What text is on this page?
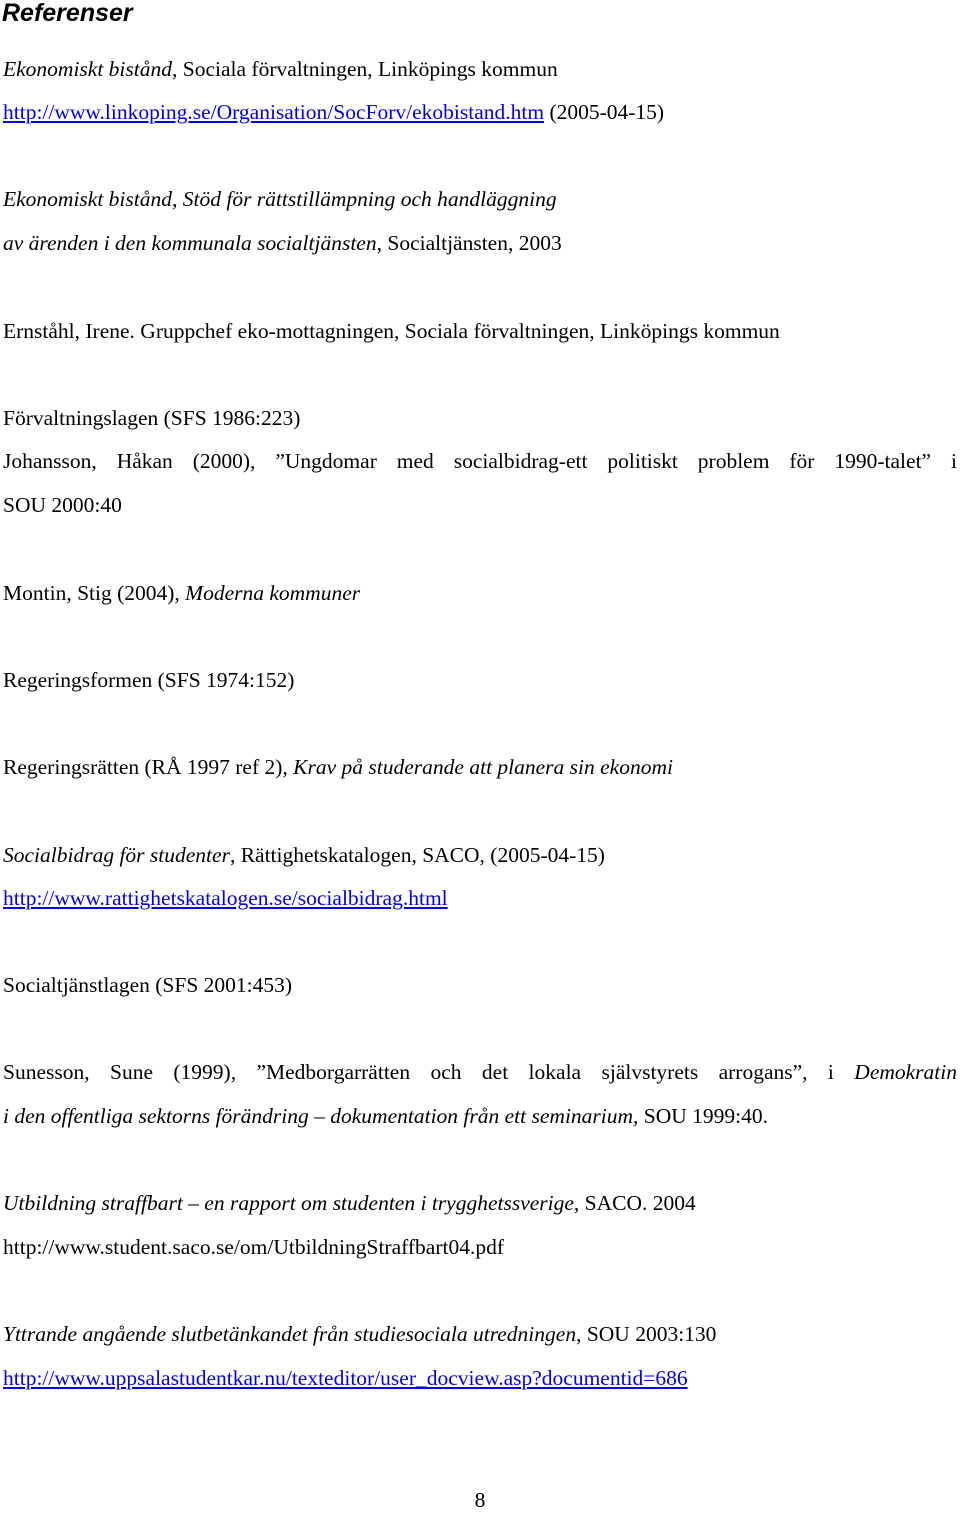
Referenser
Ekonomiskt bistånd, Sociala förvaltningen, Linköpings kommun
http://www.linkoping.se/Organisation/SocForv/ekobistand.htm (2005-04-15)
Ekonomiskt bistånd, Stöd för rättstillämpning och handläggning
av ärenden i den kommunala socialtjänsten, Socialtjänsten, 2003
Ernståhl, Irene. Gruppchef eko-mottagningen, Sociala förvaltningen, Linköpings kommun
Förvaltningslagen (SFS 1986:223)
Johansson, Håkan (2000), ”Ungdomar med socialbidrag-ett politiskt problem för 1990-talet” i
SOU 2000:40
Montin, Stig (2004), Moderna kommuner
Regeringsformen (SFS 1974:152)
Regeringsrätten (RÅ 1997 ref 2), Krav på studerande att planera sin ekonomi
Socialbidrag för studenter, Rättighetskatalogen, SACO, (2005-04-15)
http://www.rattighetskatalogen.se/socialbidrag.html
Socialtjänstlagen (SFS 2001:453)
Sunesson, Sune (1999), ”Medborgarrätten och det lokala självstyrets arrogans”, i Demokratin
i den offentliga sektorns förändring – dokumentation från ett seminarium, SOU 1999:40.
Utbildning straffbart – en rapport om studenten i trygghetssverige, SACO. 2004
http://www.student.saco.se/om/UtbildningStraffbart04.pdf
Yttrande angående slutbetänkandet från studiesociala utredningen, SOU 2003:130
http://www.uppsalastudentkar.nu/texteditor/user_docview.asp?documentid=686
8
